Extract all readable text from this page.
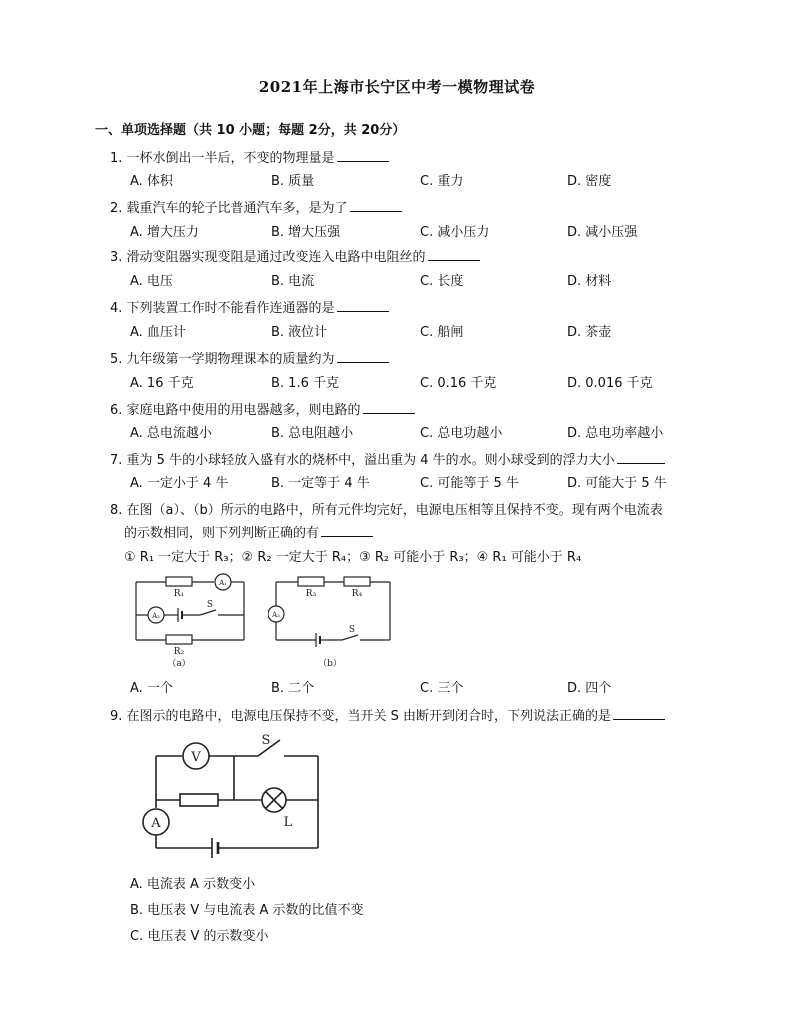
2021年上海市长宁区中考一模物理试卷
一、单项选择题（共 10 小题；每题 2分，共 20分）
1. 一杯水倒出一半后，不变的物理量是
A. 体积	B. 质量	C. 重力	D. 密度
2. 载重汽车的轮子比普通汽车多，是为了
A. 增大压力	B. 增大压强	C. 减小压力	D. 减小压强
3. 滑动变阻器实现变阻是通过改变连入电路中电阻丝的
A. 电压	B. 电流	C. 长度	D. 材料
4. 下列装置工作时不能看作连通器的是
A. 血压计	B. 液位计	C. 船闸	D. 茶壶
5. 九年级第一学期物理课本的质量约为
A. 16 千克	B. 1.6 千克	C. 0.16 千克	D. 0.016 千克
6. 家庭电路中使用的用电器越多，则电路的
A. 总电流越小	B. 总电阻越小	C. 总电功越小	D. 总电功率越小
7. 重为 5 牛的小球轻放入盛有水的烧杯中，溢出重为 4 牛的水。则小球受到的浮力大小
A. 一定小于 4 牛	B. 一定等于 4 牛	C. 可能等于 5 牛	D. 可能大于 5 牛
8. 在图（a）、（b）所示的电路中，所有元件均完好，电源电压相等且保持不变。现有两个电流表
的示数相同，则下列判断正确的有
① R₁ 一定大于 R₃；② R₂ 一定大于 R₄；③ R₂ 可能小于 R₃；④ R₁ 可能小于 R₄
R₁
A₁
A₂
S
R₂
（a）
R₃	R₄
A₃
S
（b）
A. 一个	B. 二个	C. 三个	D. 四个
9. 在图示的电路中，电源电压保持不变，当开关 S 由断开到闭合时，下列说法正确的是
V
A
S
L
A. 电流表 A 示数变小
B. 电压表 V 与电流表 A 示数的比值不变
C. 电压表 V 的示数变小
